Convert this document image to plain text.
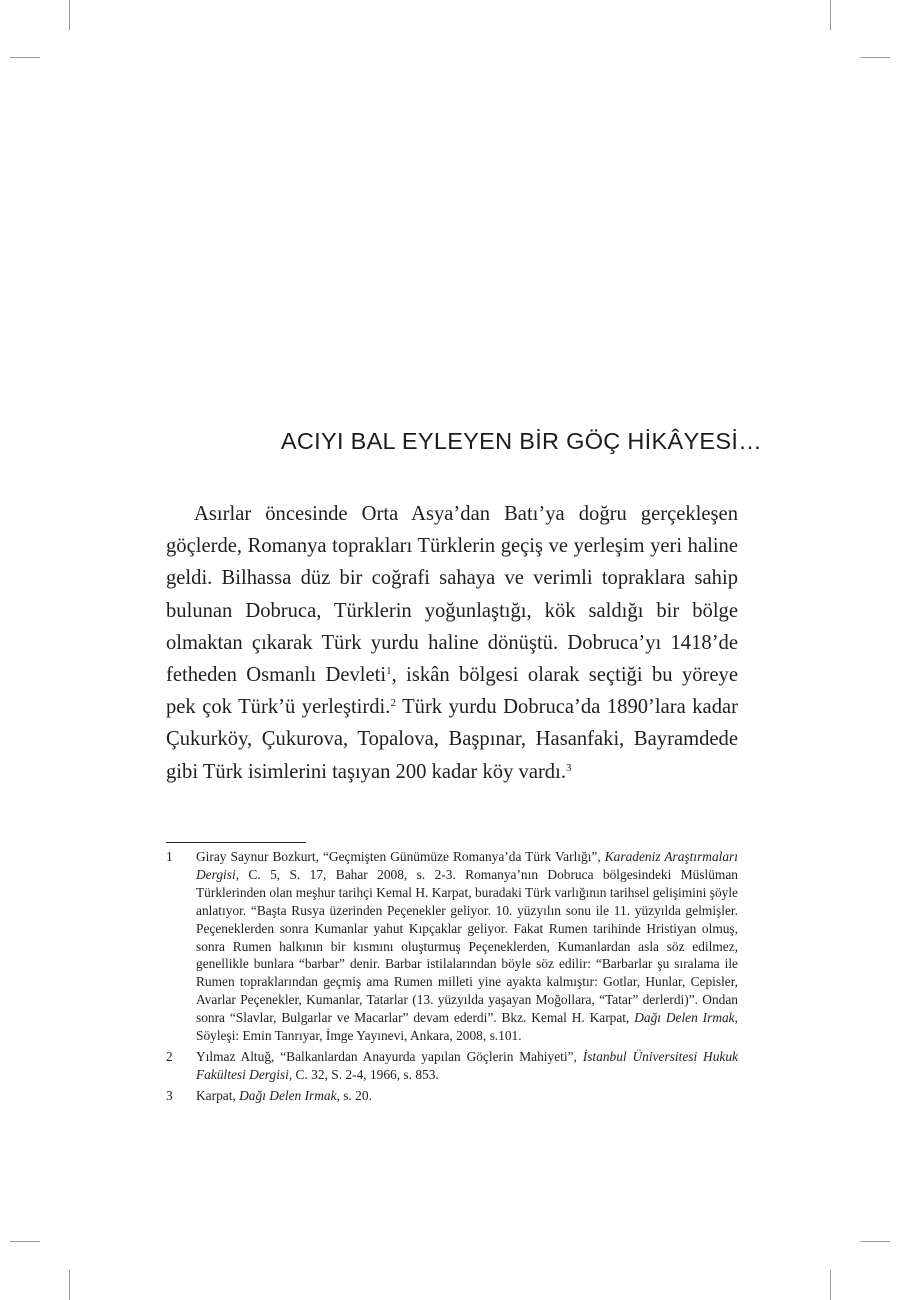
ACIYI BAL EYLEYEN BİR GÖÇ HİKÂYESİ…

Asırlar öncesinde Orta Asya’dan Batı’ya doğru gerçekleşen göçlerde, Romanya toprakları Türklerin geçiş ve yerleşim yeri haline geldi. Bilhassa düz bir coğrafi sahaya ve verimli topraklara sahip bulunan Dobruca, Türklerin yoğunlaştığı, kök saldığı bir bölge olmaktan çıkarak Türk yurdu haline dönüştü. Dobruca’yı 1418’de fetheden Osmanlı Devleti$^1$, iskân bölgesi olarak seçtiği bu yöreye pek çok Türk’ü yerleştirdi.$^2$ Türk yurdu Dobruca’da 1890’lara kadar Çukurköy, Çukurova, Topalova, Başpınar, Hasanfaki, Bayramdede gibi Türk isimlerini taşıyan 200 kadar köy vardı.$^3$

1 Giray Saynur Bozkurt, “Geçmişten Günümüze Romanya’da Türk Varlığı”, Karadeniz Araştırmaları Dergisi, C. 5, S. 17, Bahar 2008, s. 2-3. Romanya’nın Dobruca bölgesindeki Müslüman Türklerinden olan meşhur tarihçi Kemal H. Karpat, buradaki Türk varlığının tarihsel gelişimini şöyle anlatıyor. “Başta Rusya üzerinden Peçenekler geliyor. 10. yüzyılın sonu ile 11. yüzyılda gelmişler. Peçeneklerden sonra Kumanlar yahut Kıpçaklar geliyor. Fakat Rumen tarihinde Hristiyan olmuş, sonra Rumen halkının bir kısmını oluşturmuş Peçeneklerden, Kumanlardan asla söz edilmez, genellikle bunlara “barbar” denir. Barbar istilalarından böyle söz edilir: “Barbarlar şu sıralama ile Rumen topraklarından geçmiş ama Rumen milleti yine ayakta kalmıştır: Gotlar, Hunlar, Cepisler, Avarlar Peçenekler, Kumanlar, Tatarlar (13. yüzyılda yaşayan Moğollara, “Tatar” derlerdi)”. Ondan sonra “Slavlar, Bulgarlar ve Macarlar” devam ederdi”. Bkz. Kemal H. Karpat, Dağı Delen Irmak, Söyleşi: Emin Tanrıyar, İmge Yayınevi, Ankara, 2008, s.101.
2 Yılmaz Altuğ, “Balkanlardan Anayurda yapılan Göçlerin Mahiyeti”, İstanbul Üniversitesi Hukuk Fakültesi Dergisi, C. 32, S. 2-4, 1966, s. 853.
3 Karpat, Dağı Delen Irmak, s. 20.
